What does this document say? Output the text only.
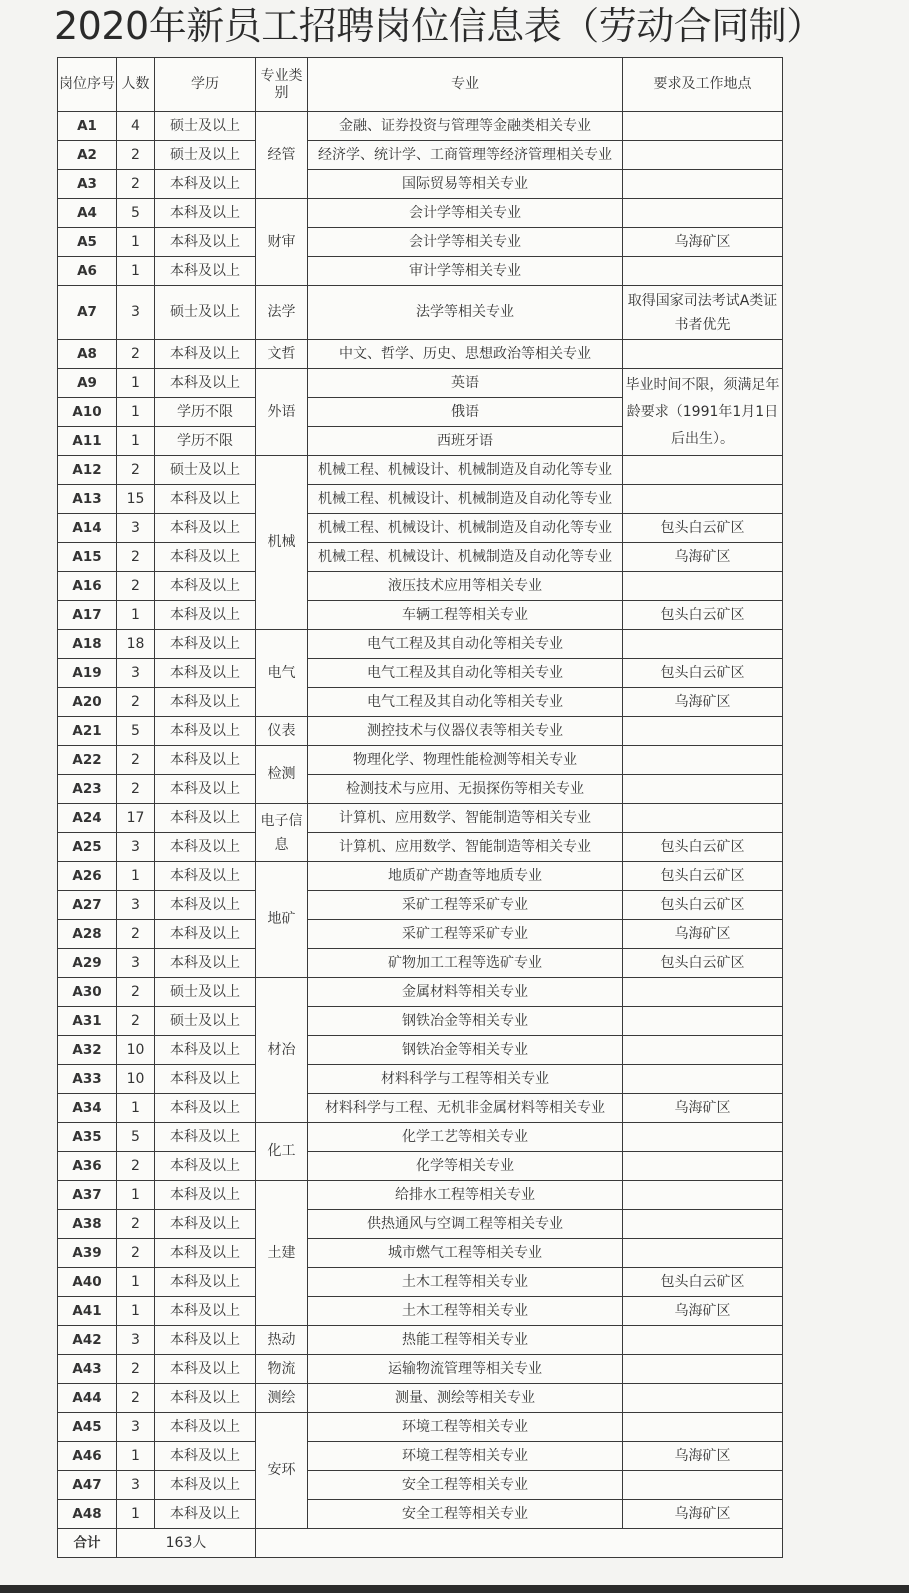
2020年新员工招聘岗位信息表（劳动合同制）
岗位序号	人数	学历	专业类别	专业	要求及工作地点
A1	4	硕士及以上	经管	金融、证券投资与管理等金融类相关专业	
A2	2	硕士及以上		经济学、统计学、工商管理等经济管理相关专业	
A3	2	本科及以上		国际贸易等相关专业	
A4	5	本科及以上	财审	会计学等相关专业	
A5	1	本科及以上		会计学等相关专业	乌海矿区
A6	1	本科及以上		审计学等相关专业	
A7	3	硕士及以上	法学	法学等相关专业	取得国家司法考试A类证书者优先
A8	2	本科及以上	文哲	中文、哲学、历史、思想政治等相关专业	
A9	1	本科及以上	外语	英语	毕业时间不限，须满足年龄要求（1991年1月1日后出生）。
A10	1	学历不限		俄语	
A11	1	学历不限		西班牙语	
A12	2	硕士及以上	机械	机械工程、机械设计、机械制造及自动化等专业	
A13	15	本科及以上		机械工程、机械设计、机械制造及自动化等专业	
A14	3	本科及以上		机械工程、机械设计、机械制造及自动化等专业	包头白云矿区
A15	2	本科及以上		机械工程、机械设计、机械制造及自动化等专业	乌海矿区
A16	2	本科及以上		液压技术应用等相关专业	
A17	1	本科及以上		车辆工程等相关专业	包头白云矿区
A18	18	本科及以上	电气	电气工程及其自动化等相关专业	
A19	3	本科及以上		电气工程及其自动化等相关专业	包头白云矿区
A20	2	本科及以上		电气工程及其自动化等相关专业	乌海矿区
A21	5	本科及以上	仪表	测控技术与仪器仪表等相关专业	
A22	2	本科及以上	检测	物理化学、物理性能检测等相关专业	
A23	2	本科及以上		检测技术与应用、无损探伤等相关专业	
A24	17	本科及以上	电子信息	计算机、应用数学、智能制造等相关专业	
A25	3	本科及以上		计算机、应用数学、智能制造等相关专业	包头白云矿区
A26	1	本科及以上	地矿	地质矿产勘查等地质专业	包头白云矿区
A27	3	本科及以上		采矿工程等采矿专业	包头白云矿区
A28	2	本科及以上		采矿工程等采矿专业	乌海矿区
A29	3	本科及以上		矿物加工工程等选矿专业	包头白云矿区
A30	2	硕士及以上	材冶	金属材料等相关专业	
A31	2	硕士及以上		钢铁冶金等相关专业	
A32	10	本科及以上		钢铁冶金等相关专业	
A33	10	本科及以上		材料科学与工程等相关专业	
A34	1	本科及以上		材料科学与工程、无机非金属材料等相关专业	乌海矿区
A35	5	本科及以上	化工	化学工艺等相关专业	
A36	2	本科及以上		化学等相关专业	
A37	1	本科及以上	土建	给排水工程等相关专业	
A38	2	本科及以上		供热通风与空调工程等相关专业	
A39	2	本科及以上		城市燃气工程等相关专业	
A40	1	本科及以上		土木工程等相关专业	包头白云矿区
A41	1	本科及以上		土木工程等相关专业	乌海矿区
A42	3	本科及以上	热动	热能工程等相关专业	
A43	2	本科及以上	物流	运输物流管理等相关专业	
A44	2	本科及以上	测绘	测量、测绘等相关专业	
A45	3	本科及以上	安环	环境工程等相关专业	
A46	1	本科及以上		环境工程等相关专业	乌海矿区
A47	3	本科及以上		安全工程等相关专业	
A48	1	本科及以上		安全工程等相关专业	乌海矿区
合计	163人				
